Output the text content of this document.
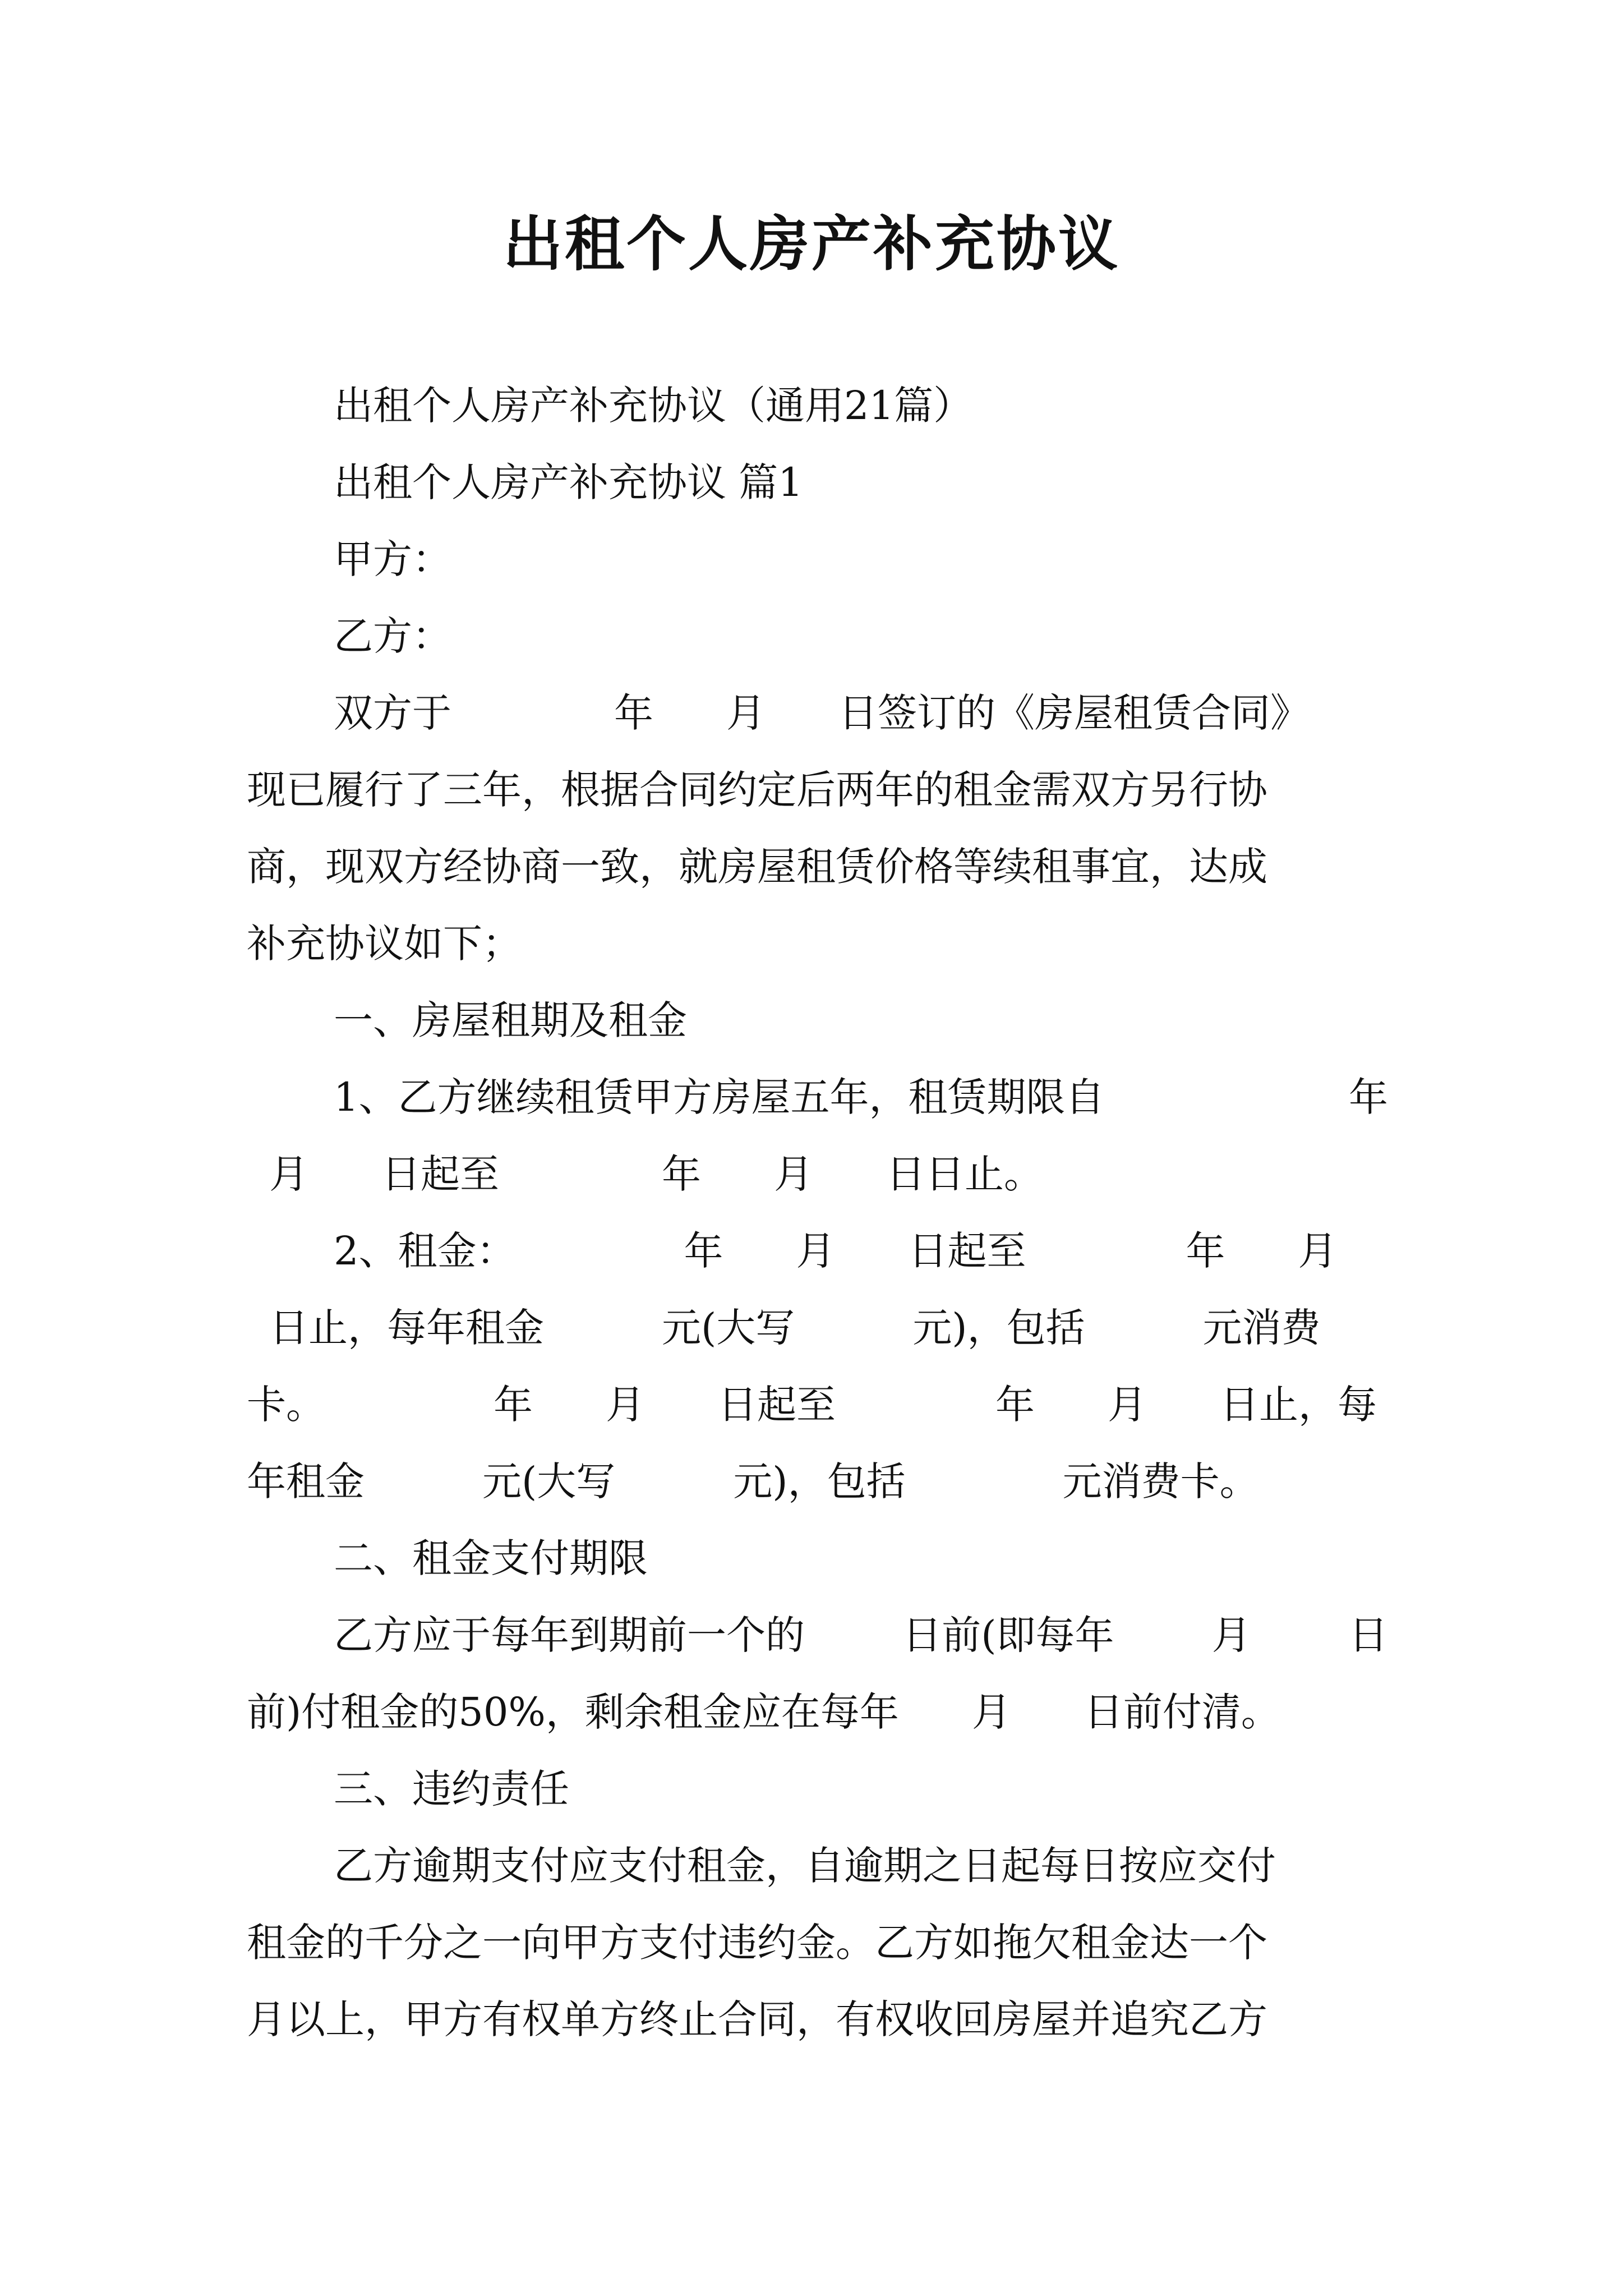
出租个人房产补充协议
出租个人房产补充协议（通用21篇）
出租个人房产补充协议 篇1
甲方：
乙方：
双方于	年 月 日签订的《房屋租赁合同》
现已履行了三年，根据合同约定后两年的租金需双方另行协
商，现双方经协商一致，就房屋租赁价格等续租事宜，达成
补充协议如下；
一、房屋租期及租金
1、乙方继续租赁甲方房屋五年，租赁期限自	年
月 日起至	年 月 日日止。
2、租金：	年 月 日起至	年 月
日止，每年租金	元(大写	元)，包括	元消费
卡。	年 月 日起至	年 月 日止，每
年租金	元(大写	元)，包括	元消费卡。
二、租金支付期限
乙方应于每年到期前一个的 日前(即每年 月 日
前)付租金的50%，剩余租金应在每年 月 日前付清。
三、违约责任
乙方逾期支付应支付租金，自逾期之日起每日按应交付
租金的千分之一向甲方支付违约金。乙方如拖欠租金达一个
月以上，甲方有权单方终止合同，有权收回房屋并追究乙方
